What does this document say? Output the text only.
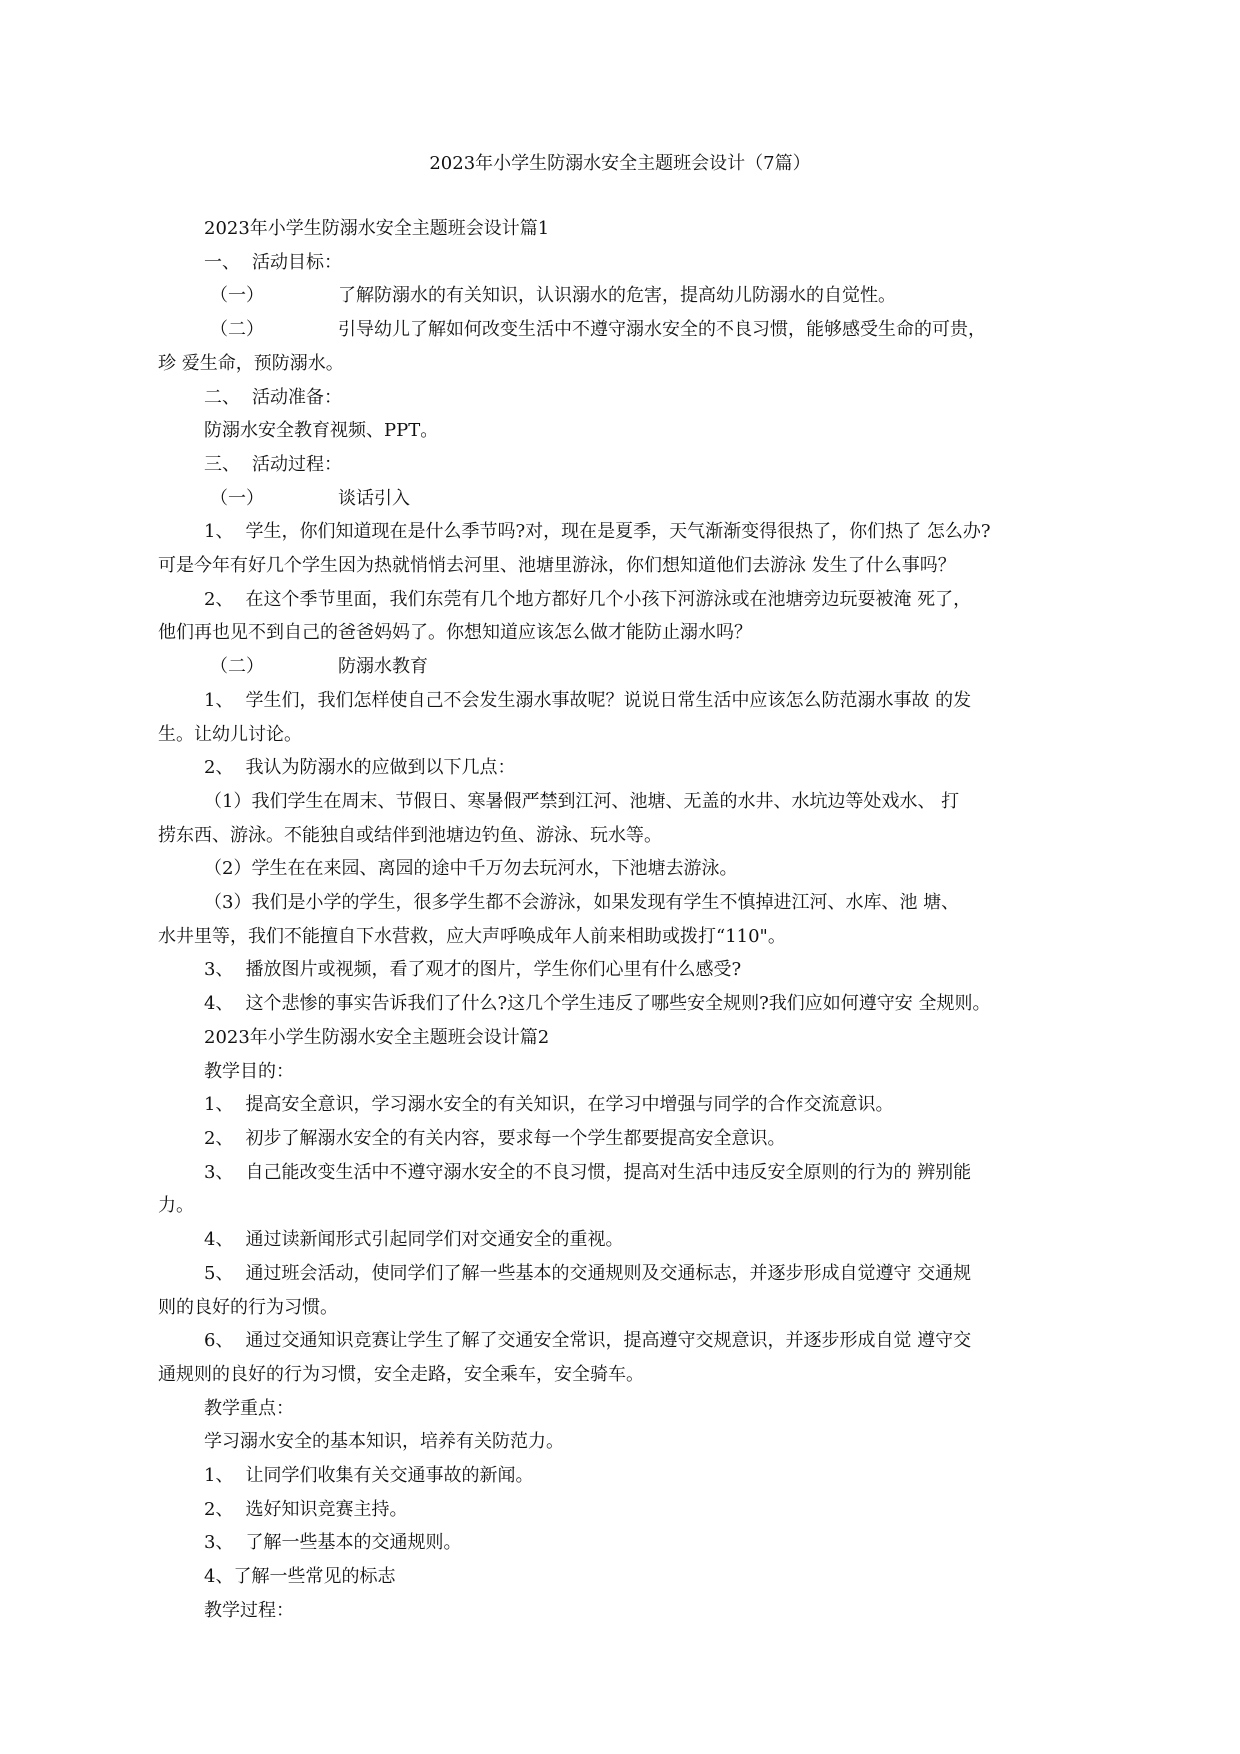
2023年小学生防溺水安全主题班会设计（7篇）
2023年小学生防溺水安全主题班会设计篇1
一、 活动目标：
（一）	了解防溺水的有关知识，认识溺水的危害，提高幼儿防溺水的自觉性。
（二）	引导幼儿了解如何改变生活中不遵守溺水安全的不良习惯，能够感受生命的可贵，
珍 爱生命，预防溺水。
二、 活动准备：
防溺水安全教育视频、PPT。
三、 活动过程：
（一）	谈话引入
1、 学生，你们知道现在是什么季节吗?对，现在是夏季，天气渐渐变得很热了，你们热了 怎么办?
可是今年有好几个学生因为热就悄悄去河里、池塘里游泳，你们想知道他们去游泳 发生了什么事吗？
2、 在这个季节里面，我们东莞有几个地方都好几个小孩下河游泳或在池塘旁边玩耍被淹 死了，
他们再也见不到自己的爸爸妈妈了。你想知道应该怎么做才能防止溺水吗？
（二）	防溺水教育
1、 学生们，我们怎样使自己不会发生溺水事故呢？说说日常生活中应该怎么防范溺水事故 的发
生。让幼儿讨论。
2、 我认为防溺水的应做到以下几点：
（1）我们学生在周末、节假日、寒暑假严禁到江河、池塘、无盖的水井、水坑边等处戏水、 打
捞东西、游泳。不能独自或结伴到池塘边钓鱼、游泳、玩水等。
（2）学生在在来园、离园的途中千万勿去玩河水，下池塘去游泳。
（3）我们是小学的学生，很多学生都不会游泳，如果发现有学生不慎掉进江河、水库、池 塘、
水井里等，我们不能擅自下水营救，应大声呼唤成年人前来相助或拨打“110"。
3、 播放图片或视频，看了观才的图片，学生你们心里有什么感受?
4、 这个悲惨的事实告诉我们了什么?这几个学生违反了哪些安全规则?我们应如何遵守安 全规则。
2023年小学生防溺水安全主题班会设计篇2
教学目的：
1、 提高安全意识，学习溺水安全的有关知识，在学习中增强与同学的合作交流意识。
2、 初步了解溺水安全的有关内容，要求每一个学生都要提高安全意识。
3、 自己能改变生活中不遵守溺水安全的不良习惯，提高对生活中违反安全原则的行为的 辨别能
力。
4、 通过读新闻形式引起同学们对交通安全的重视。
5、 通过班会活动，使同学们了解一些基本的交通规则及交通标志，并逐步形成自觉遵守 交通规
则的良好的行为习惯。
6、 通过交通知识竞赛让学生了解了交通安全常识，提高遵守交规意识，并逐步形成自觉 遵守交
通规则的良好的行为习惯，安全走路，安全乘车，安全骑车。
教学重点：
学习溺水安全的基本知识，培养有关防范力。
1、 让同学们收集有关交通事故的新闻。
2、 选好知识竞赛主持。
3、 了解一些基本的交通规则。
4、了解一些常见的标志
教学过程：
